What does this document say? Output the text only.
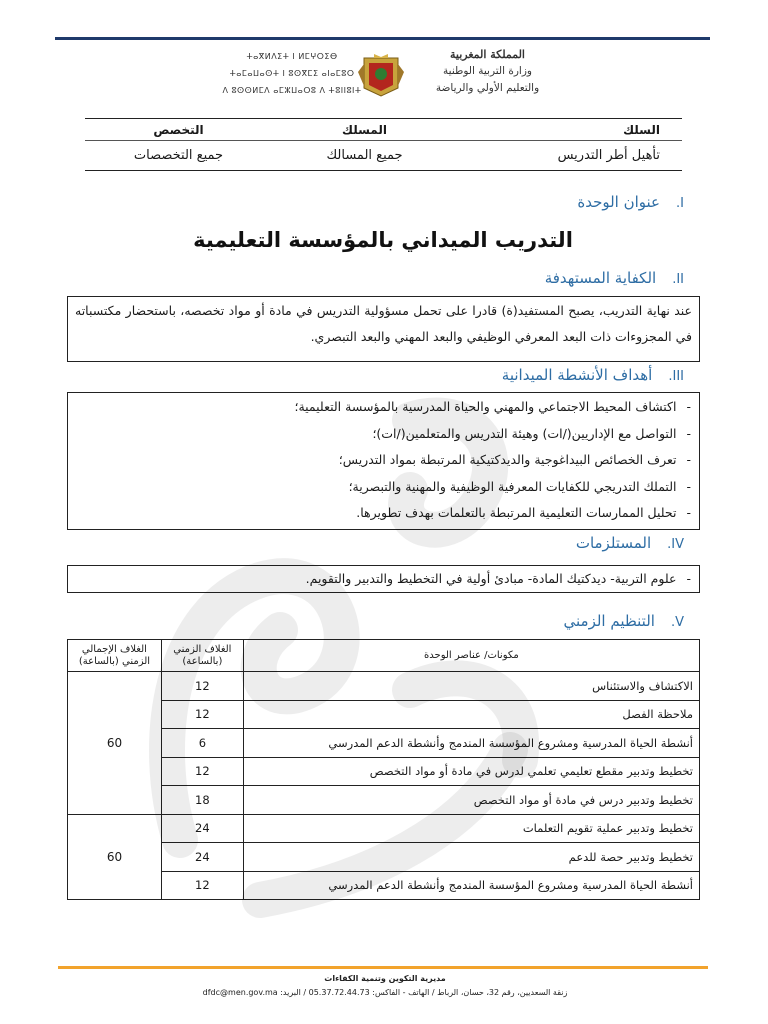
ⵜⴰⴳⵍⴷⵉⵜ ⵏ ⵍⵎⵖⵔⵉⴱ
ⵜⴰⵎⴰⵡⴰⵙⵜ ⵏ ⵓⵙⴳⵎⵉ ⴰⵏⴰⵎⵓⵔ
ⴷ ⵓⵙⵙⵍⵎⴷ ⴰⵎⵣⵡⴰⵔⵓ ⴷ ⵜⵓⵏⵏⵓⵏⵜ
المملكة المغربية
وزارة التربية الوطنية
والتعليم الأولي والرياضة
السلك	المسلك	التخصص
تأهيل أطر التدريس	جميع المسالك	جميع التخصصات
I.عنوان الوحدة
التدريب الميداني بالمؤسسة التعليمية
II.الكفاية المستهدفة

عند نهاية التدريب، يصبح المستفيد(ة) قادرا على تحمل مسؤولية التدريس في مادة أو مواد تخصصه، باستحضار مكتسباته في المجزوءات ذات البعد المعرفي الوظيفي والبعد المهني والبعد التبصري.

III.أهداف الأنشطة الميدانية
- اكتشاف المحيط الاجتماعي والمهني والحياة المدرسية بالمؤسسة التعليمية؛
- التواصل مع الإداريين(/ات) وهيئة التدريس والمتعلمين(/ات)؛
- تعرف الخصائص البيداغوجية والديدكتيكية المرتبطة بمواد التدريس؛
- التملك التدريجي للكفايات المعرفية الوظيفية والمهنية والتبصرية؛
- تحليل الممارسات التعليمية المرتبطة بالتعلمات بهدف تطويرها.
IV.المستلزمات
- علوم التربية- ديدكتيك المادة- مبادئ أولية في التخطيط والتدبير والتقويم.
V.التنظيم الزمني
مكونات/ عناصر الوحدة	الغلاف الزمني (بالساعة)	الغلاف الإجمالي الزمني (بالساعة)
الاكتشاف والاستئناس	12	60
ملاحظة الفصل	12	
أنشطة الحياة المدرسية ومشروع المؤسسة المندمج وأنشطة الدعم المدرسي	6	
تخطيط وتدبير مقطع تعليمي تعلمي لدرس في مادة أو مواد التخصص	12	
تخطيط وتدبير درس في مادة أو مواد التخصص	18	
تخطيط وتدبير عملية تقويم التعلمات	24	60
تخطيط وتدبير حصة للدعم	24	
أنشطة الحياة المدرسية ومشروع المؤسسة المندمج وأنشطة الدعم المدرسي	12	
مديرية التكوين وتنمية الكفاءات
زنقة السعديين، رقم 32، حسان، الرباط / الهاتف - الفاكس: 05.37.72.44.73 / البريد: dfdc@men.gov.ma
